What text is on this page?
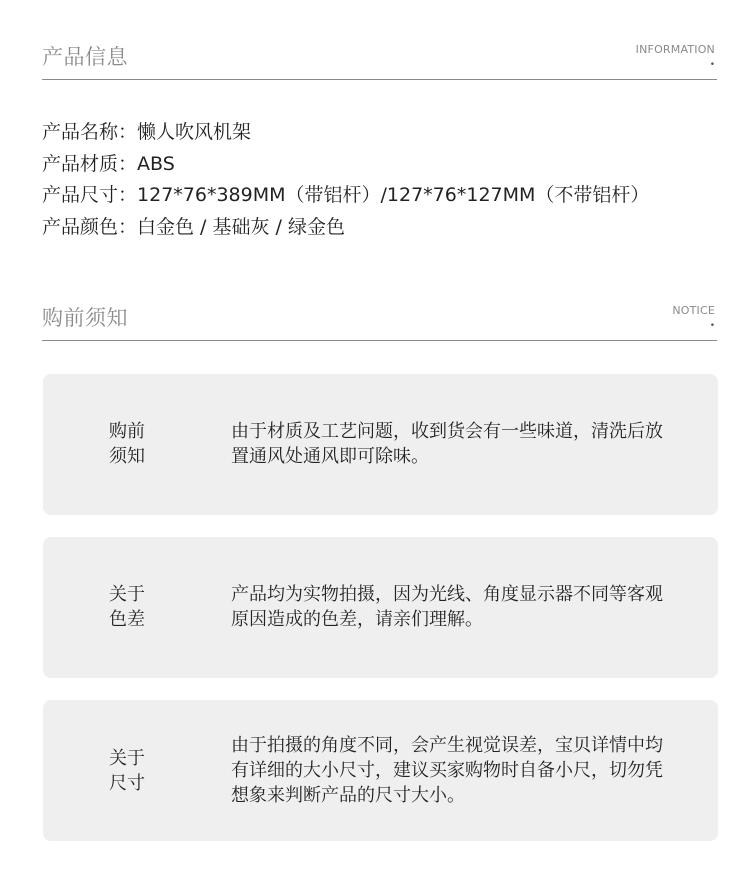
产品信息	INFORMATION
•
产品名称：懒人吹风机架
产品材质：ABS
产品尺寸：127*76*389MM（带铝杆）/127*76*127MM（不带铝杆）
产品颜色：白金色 / 基础灰 / 绿金色
购前须知	NOTICE
•
购前
须知
由于材质及工艺问题，收到货会有一些味道，清洗后放置通风处通风即可除味。
关于
色差
产品均为实物拍摄，因为光线、角度显示器不同等客观原因造成的色差，请亲们理解。
关于
尺寸
由于拍摄的角度不同，会产生视觉误差，宝贝详情中均有详细的大小尺寸，建议买家购物时自备小尺，切勿凭想象来判断产品的尺寸大小。
